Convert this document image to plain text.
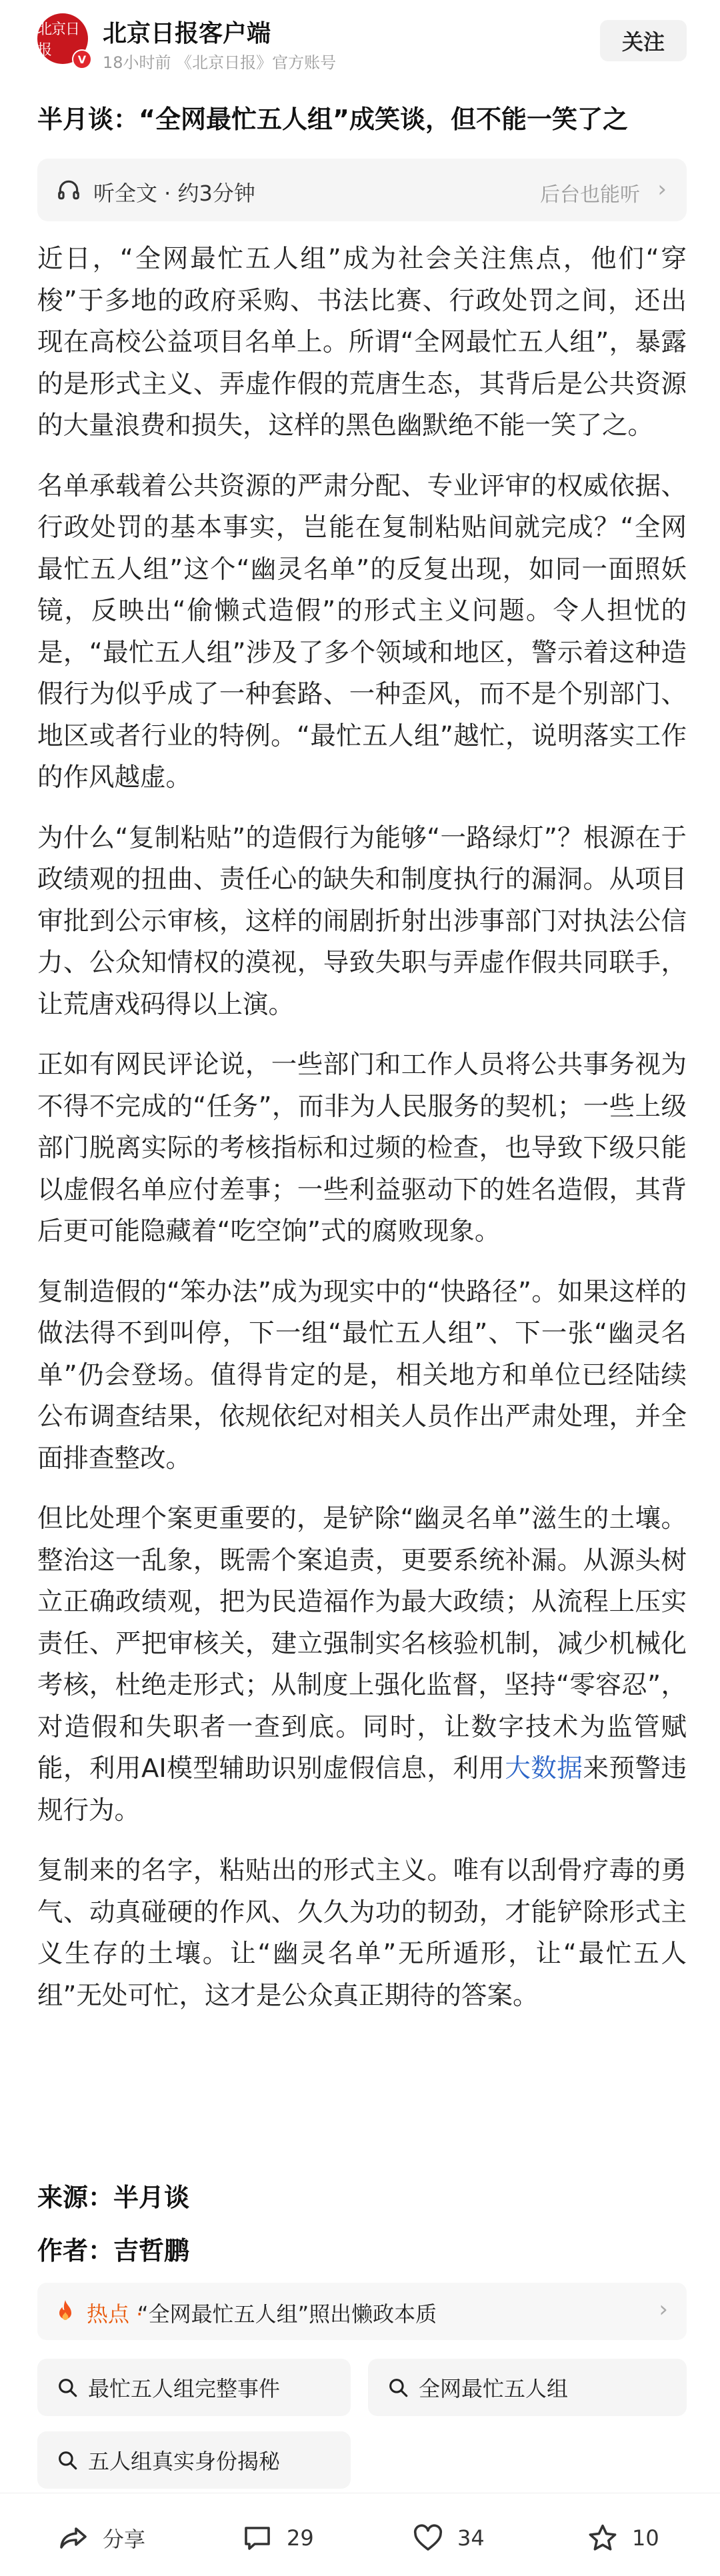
北京日报
V
北京日报客户端
18小时前 《北京日报》官方账号
关注
半月谈：“全网最忙五人组”成笑谈，但不能一笑了之
听全文 · 约3分钟	后台也能听 ›

近日，“全网最忙五人组”成为社会关注焦点，他们“穿梭”于多地的政府采购、书法比赛、行政处罚之间，还出现在高校公益项目名单上。所谓“全网最忙五人组”，暴露的是形式主义、弄虚作假的荒唐生态，其背后是公共资源的大量浪费和损失，这样的黑色幽默绝不能一笑了之。

名单承载着公共资源的严肃分配、专业评审的权威依据、行政处罚的基本事实，岂能在复制粘贴间就完成？“全网最忙五人组”这个“幽灵名单”的反复出现，如同一面照妖镜，反映出“偷懒式造假”的形式主义问题。令人担忧的是，“最忙五人组”涉及了多个领域和地区，警示着这种造假行为似乎成了一种套路、一种歪风，而不是个别部门、地区或者行业的特例。“最忙五人组”越忙，说明落实工作的作风越虚。

为什么“复制粘贴”的造假行为能够“一路绿灯”？根源在于政绩观的扭曲、责任心的缺失和制度执行的漏洞。从项目审批到公示审核，这样的闹剧折射出涉事部门对执法公信力、公众知情权的漠视，导致失职与弄虚作假共同联手，让荒唐戏码得以上演。

正如有网民评论说，一些部门和工作人员将公共事务视为不得不完成的“任务”，而非为人民服务的契机；一些上级部门脱离实际的考核指标和过频的检查，也导致下级只能以虚假名单应付差事；一些利益驱动下的姓名造假，其背后更可能隐藏着“吃空饷”式的腐败现象。

复制造假的“笨办法”成为现实中的“快路径”。如果这样的做法得不到叫停，下一组“最忙五人组”、下一张“幽灵名单”仍会登场。值得肯定的是，相关地方和单位已经陆续公布调查结果，依规依纪对相关人员作出严肃处理，并全面排查整改。

但比处理个案更重要的，是铲除“幽灵名单”滋生的土壤。整治这一乱象，既需个案追责，更要系统补漏。从源头树立正确政绩观，把为民造福作为最大政绩；从流程上压实责任、严把审核关，建立强制实名核验机制，减少机械化考核，杜绝走形式；从制度上强化监督，坚持“零容忍”，对造假和失职者一查到底。同时，让数字技术为监管赋能，利用AI模型辅助识别虚假信息，利用大数据来预警违规行为。

复制来的名字，粘贴出的形式主义。唯有以刮骨疗毒的勇气、动真碰硬的作风、久久为功的韧劲，才能铲除形式主义生存的土壤。让“幽灵名单”无所遁形，让“最忙五人组”无处可忙，这才是公众真正期待的答案。

来源：半月谈
作者：吉哲鹏
热点 ·
“全网最忙五人组”照出懒政本质	›
最忙五人组完整事件	全网最忙五人组
五人组真实身份揭秘
分享	29	34	10
